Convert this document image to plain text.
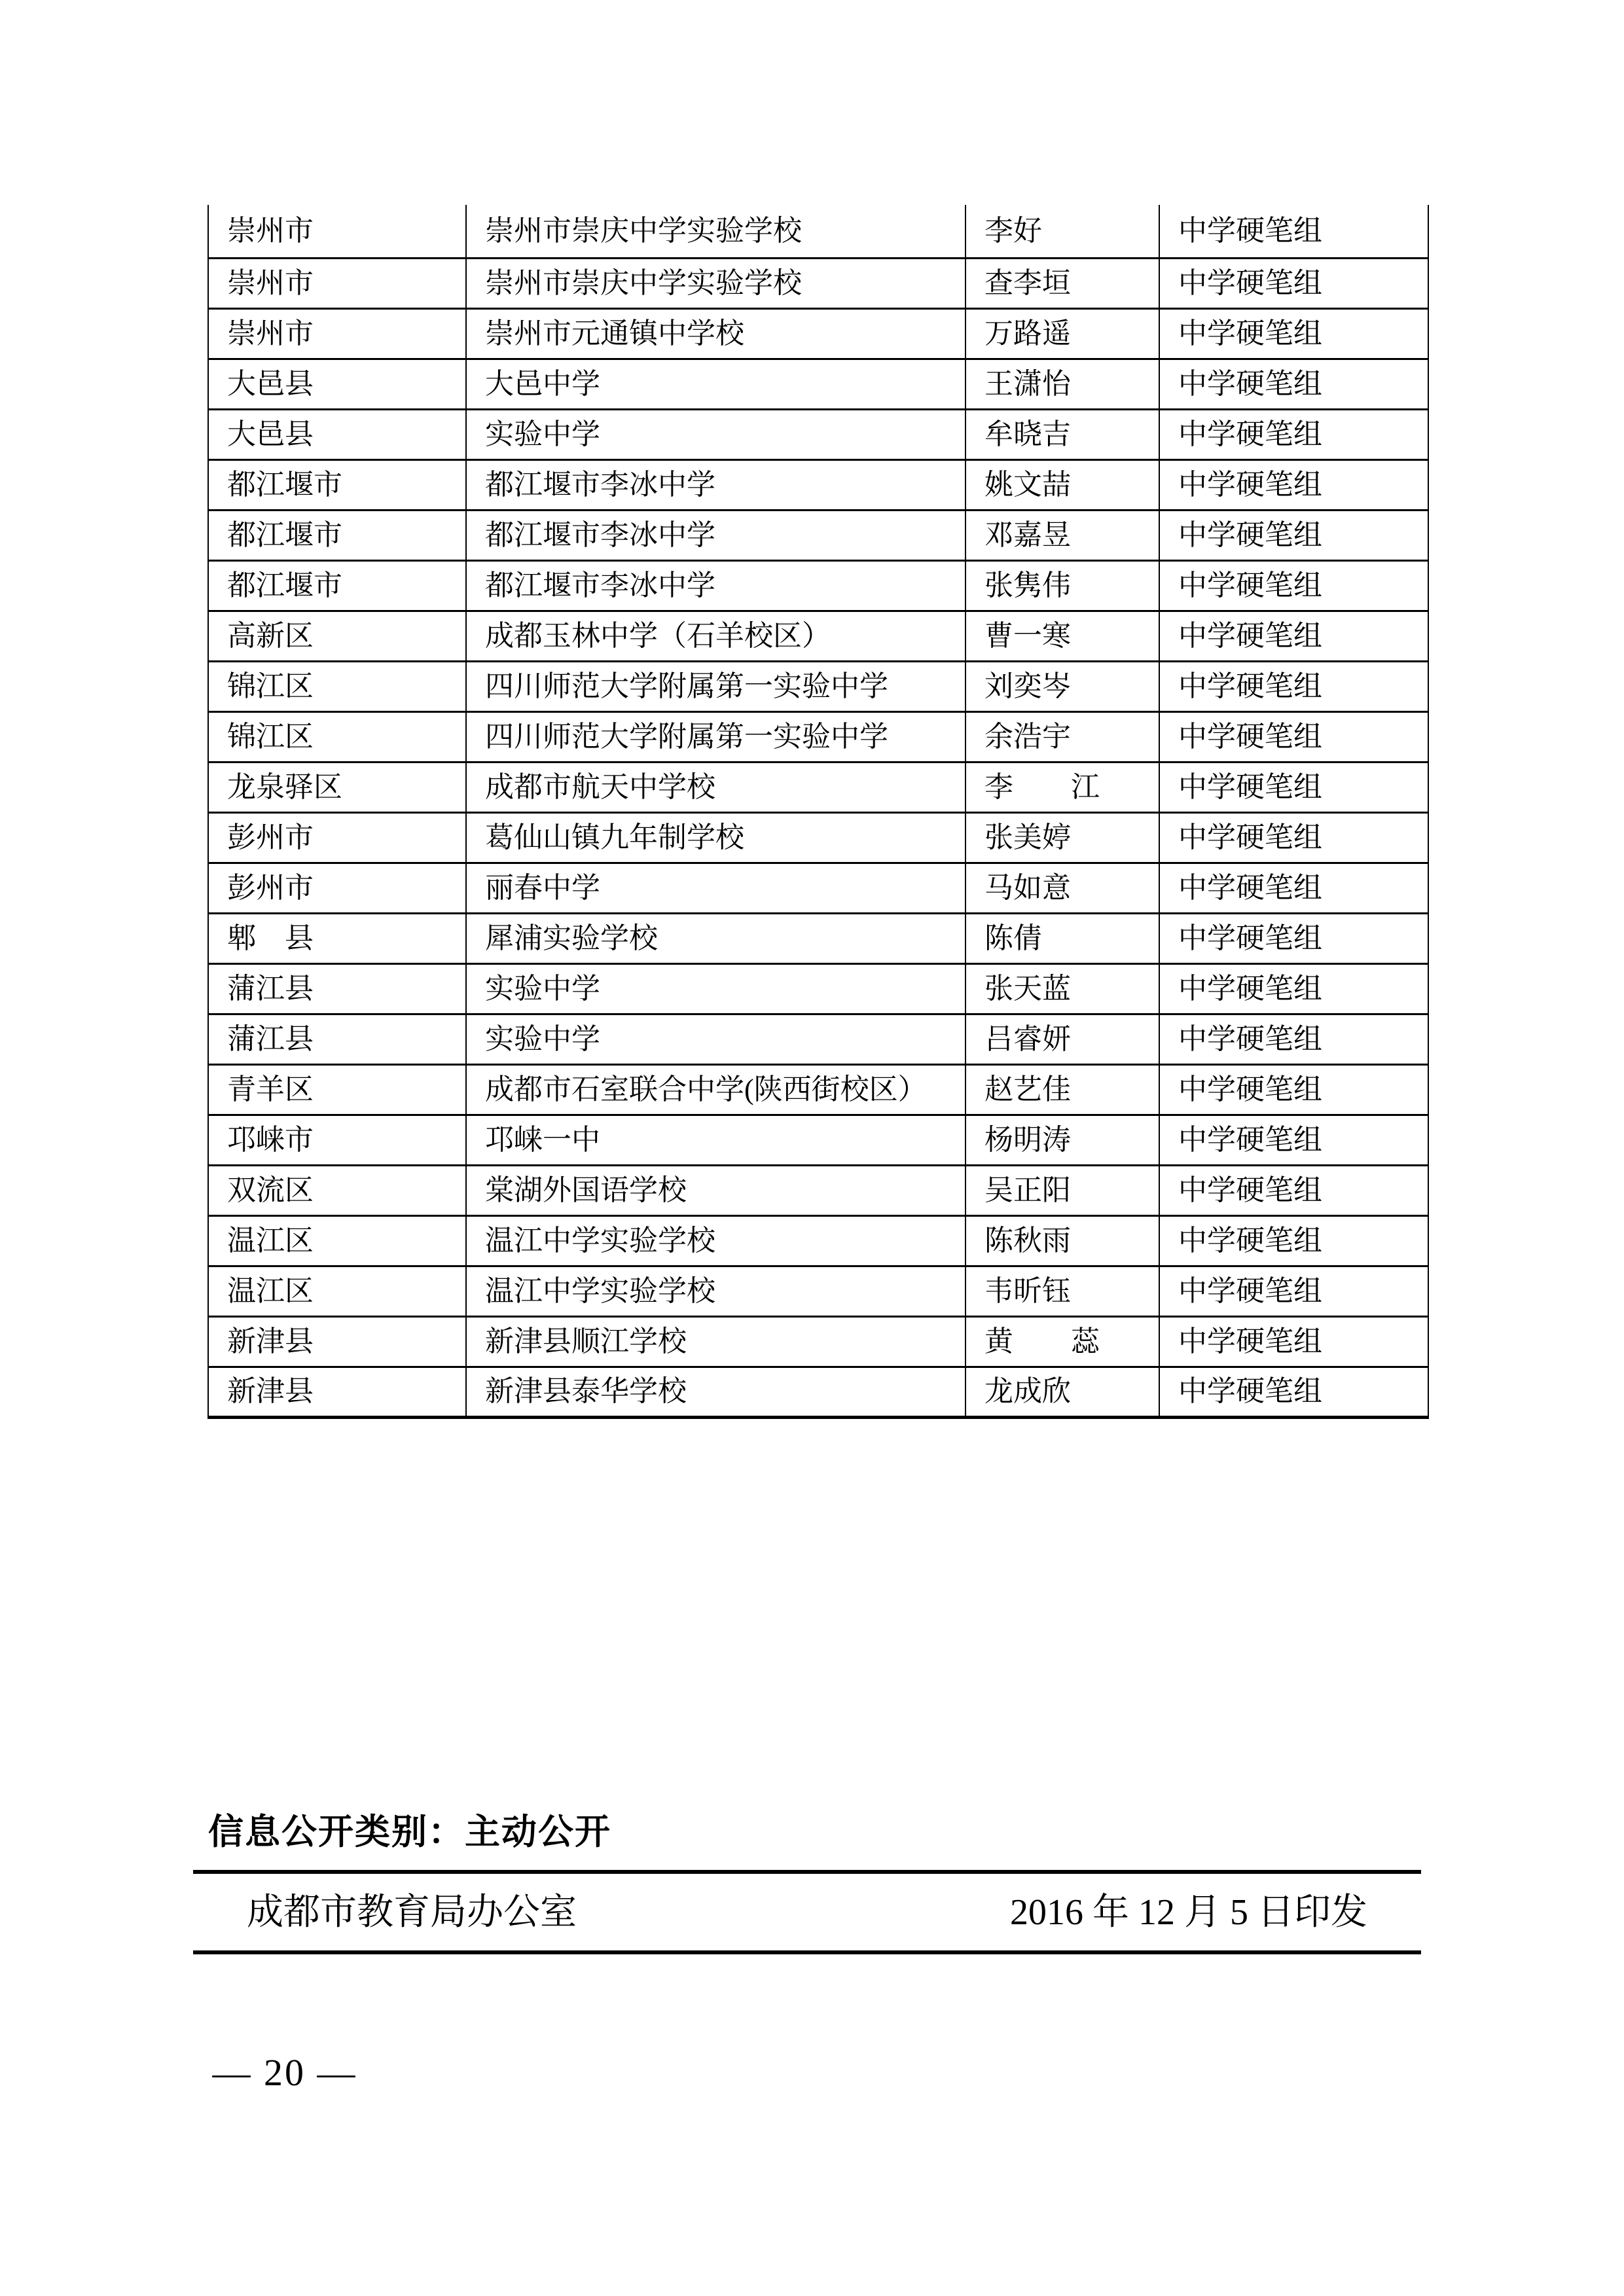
崇州市	崇州市崇庆中学实验学校	李好	中学硬笔组
崇州市	崇州市崇庆中学实验学校	查李垣	中学硬笔组
崇州市	崇州市元通镇中学校	万路遥	中学硬笔组
大邑县	大邑中学	王潇怡	中学硬笔组
大邑县	实验中学	牟晓吉	中学硬笔组
都江堰市	都江堰市李冰中学	姚文喆	中学硬笔组
都江堰市	都江堰市李冰中学	邓嘉昱	中学硬笔组
都江堰市	都江堰市李冰中学	张隽伟	中学硬笔组
高新区	成都玉林中学（石羊校区）	曹一寒	中学硬笔组
锦江区	四川师范大学附属第一实验中学	刘奕岑	中学硬笔组
锦江区	四川师范大学附属第一实验中学	余浩宇	中学硬笔组
龙泉驿区	成都市航天中学校	李　　江	中学硬笔组
彭州市	葛仙山镇九年制学校	张美婷	中学硬笔组
彭州市	丽春中学	马如意	中学硬笔组
郫　县	犀浦实验学校	陈倩	中学硬笔组
蒲江县	实验中学	张天蓝	中学硬笔组
蒲江县	实验中学	吕睿妍	中学硬笔组
青羊区	成都市石室联合中学(陕西街校区）	赵艺佳	中学硬笔组
邛崃市	邛崃一中	杨明涛	中学硬笔组
双流区	棠湖外国语学校	吴正阳	中学硬笔组
温江区	温江中学实验学校	陈秋雨	中学硬笔组
温江区	温江中学实验学校	韦昕钰	中学硬笔组
新津县	新津县顺江学校	黄　　蕊	中学硬笔组
新津县	新津县泰华学校	龙成欣	中学硬笔组
信息公开类别：主动公开
成都市教育局办公室	2016 年 12 月 5 日印发
— 20 —
